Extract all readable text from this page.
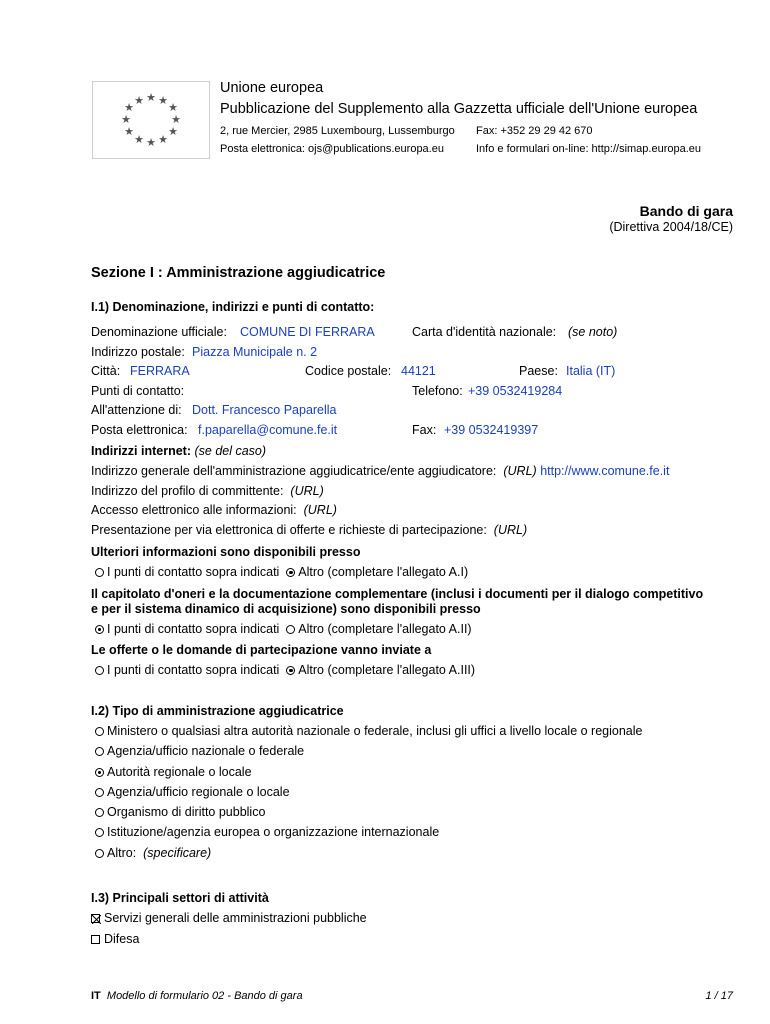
★ ★
★
★
★
★
★
★
★
★
★
★
Unione europea
Pubblicazione del Supplemento alla Gazzetta ufficiale dell'Unione europea
2, rue Mercier, 2985 Luxembourg, Lussemburgo Fax: +352 29 29 42 670
Posta elettronica: ojs@publications.europa.eu	Info e formulari on-line: http://simap.europa.eu
Bando di gara
(Direttiva 2004/18/CE)
Sezione I : Amministrazione aggiudicatrice
I.1) Denominazione, indirizzi e punti di contatto:
Denominazione ufficiale: COMUNE DI FERRARA	Carta d'identità nazionale: (se noto)
Indirizzo postale: Piazza Municipale n. 2
Città: FERRARA	Codice postale: 44121	Paese: Italia (IT)
Punti di contatto:	Telefono: +39 0532419284
All'attenzione di: Dott. Francesco Paparella
Posta elettronica: f.paparella@comune.fe.it	Fax: +39 0532419397
Indirizzi internet: (se del caso)
Indirizzo generale dell'amministrazione aggiudicatrice/ente aggiudicatore: (URL) http://www.comune.fe.it
Indirizzo del profilo di committente: (URL)
Accesso elettronico alle informazioni: (URL)
Presentazione per via elettronica di offerte e richieste di partecipazione: (URL)
Ulteriori informazioni sono disponibili presso
I punti di contatto sopra indicati Altro (completare l'allegato A.I)
Il capitolato d'oneri e la documentazione complementare (inclusi i documenti per il dialogo competitivo
e per il sistema dinamico di acquisizione) sono disponibili presso
I punti di contatto sopra indicati Altro (completare l'allegato A.II)
Le offerte o le domande di partecipazione vanno inviate a
I punti di contatto sopra indicati Altro (completare l'allegato A.III)
I.2) Tipo di amministrazione aggiudicatrice
Ministero o qualsiasi altra autorità nazionale o federale, inclusi gli uffici a livello locale o regionale
Agenzia/ufficio nazionale o federale
Autorità regionale o locale
Agenzia/ufficio regionale o locale
Organismo di diritto pubblico
Istituzione/agenzia europea o organizzazione internazionale
Altro: (specificare)
I.3) Principali settori di attività
Servizi generali delle amministrazioni pubbliche
Difesa
IT Modello di formulario 02 - Bando di gara	1 / 17
